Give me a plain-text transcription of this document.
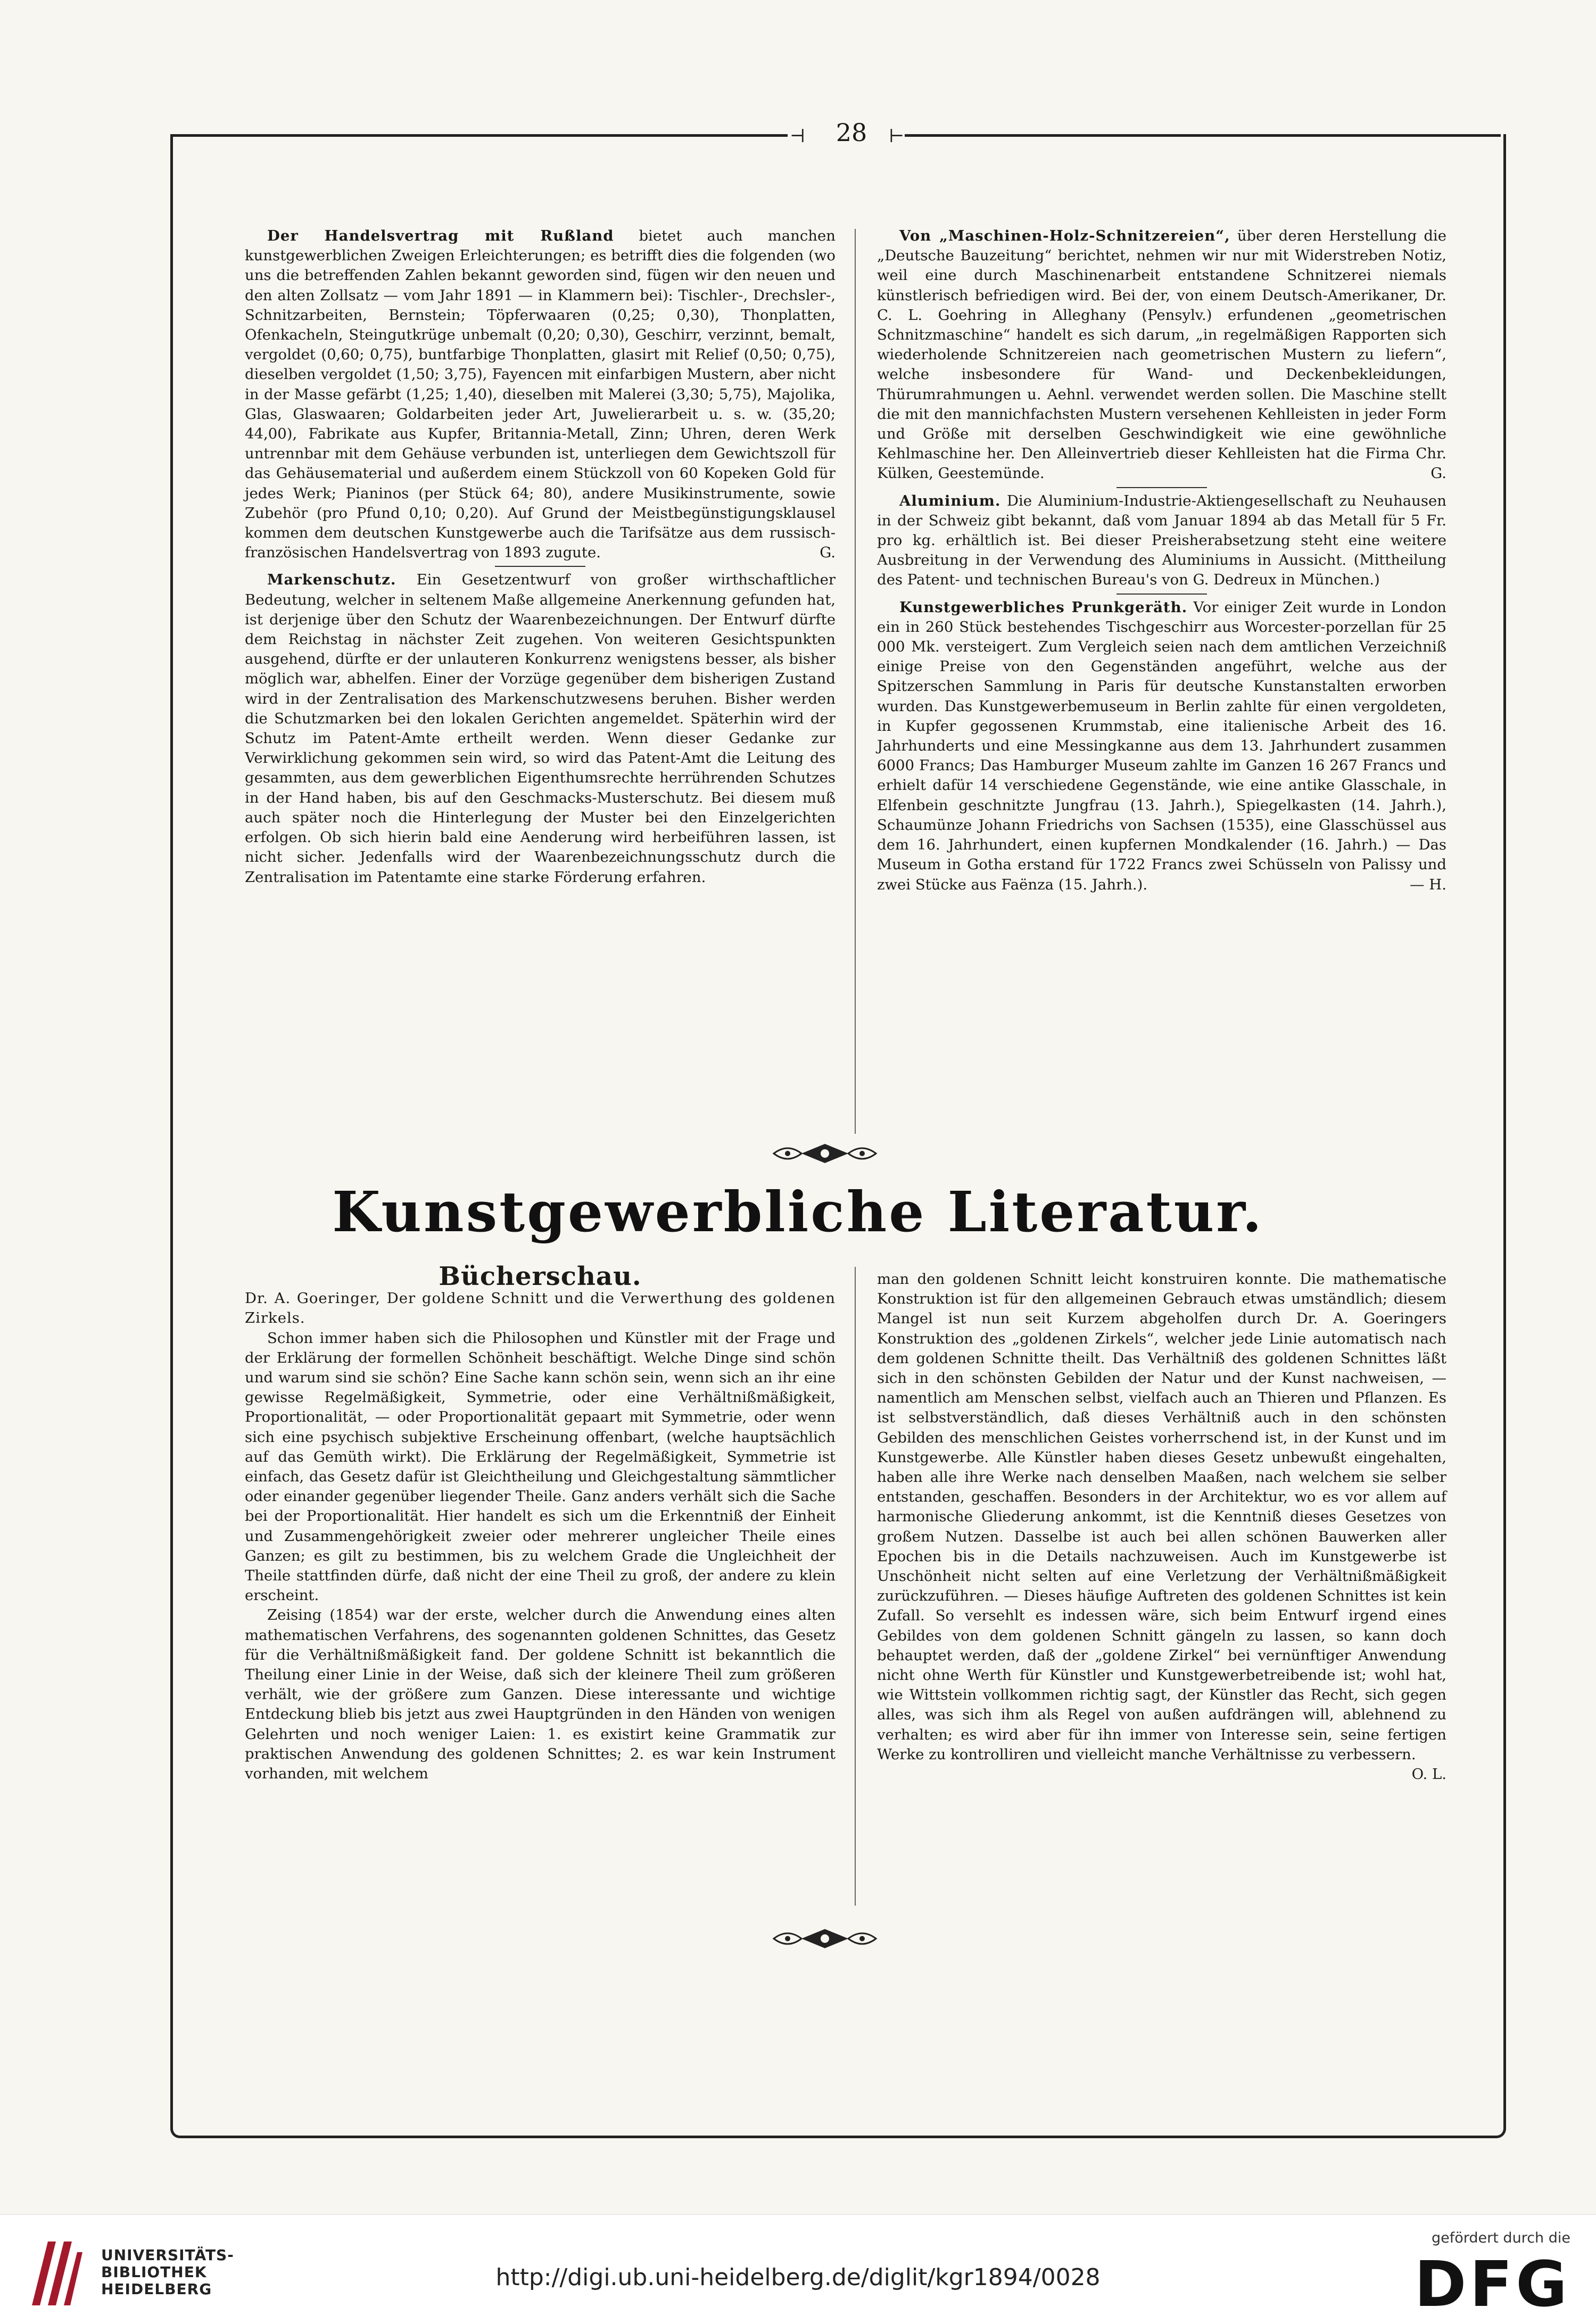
⊣	28	⊢

Der Handelsvertrag mit Rußland bietet auch manchen kunstgewerblichen Zweigen Erleichterungen; es betrifft dies die folgenden (wo uns die betreffenden Zahlen bekannt geworden sind, fügen wir den neuen und den alten Zollsatz — vom Jahr 1891 — in Klammern bei): Tischler-, Drechsler-, Schnitzarbeiten, Bernstein; Töpferwaaren (0,25; 0,30), Thonplatten, Ofenkacheln, Steingutkrüge unbemalt (0,20; 0,30), Geschirr, verzinnt, bemalt, vergoldet (0,60; 0,75), buntfarbige Thonplatten, glasirt mit Relief (0,50; 0,75), dieselben vergoldet (1,50; 3,75), Fayencen mit einfarbigen Mustern, aber nicht in der Masse gefärbt (1,25; 1,40), dieselben mit Malerei (3,30; 5,75), Majolika, Glas, Glaswaaren; Goldarbeiten jeder Art, Juwelierarbeit u. s. w. (35,20; 44,00), Fabrikate aus Kupfer, Britannia-Metall, Zinn; Uhren, deren Werk untrennbar mit dem Gehäuse verbunden ist, unterliegen dem Gewichtszoll für das Gehäusematerial und außerdem einem Stückzoll von 60 Kopeken Gold für jedes Werk; Pianinos (per Stück 64; 80), andere Musikinstrumente, sowie Zubehör (pro Pfund 0,10; 0,20). Auf Grund der Meistbegünstigungsklausel kommen dem deutschen Kunstgewerbe auch die Tarifsätze aus dem russisch-französischen Handelsvertrag von 1893 zugute.	G.

Markenschutz. Ein Gesetzentwurf von großer wirthschaftlicher Bedeutung, welcher in seltenem Maße allgemeine Anerkennung gefunden hat, ist derjenige über den Schutz der Waarenbezeichnungen. Der Entwurf dürfte dem Reichstag in nächster Zeit zugehen. Von weiteren Gesichtspunkten ausgehend, dürfte er der unlauteren Konkurrenz wenigstens besser, als bisher möglich war, abhelfen. Einer der Vorzüge gegenüber dem bisherigen Zustand wird in der Zentralisation des Markenschutzwesens beruhen. Bisher werden die Schutzmarken bei den lokalen Gerichten angemeldet. Späterhin wird der Schutz im Patent-Amte ertheilt werden. Wenn dieser Gedanke zur Verwirklichung gekommen sein wird, so wird das Patent-Amt die Leitung des gesammten, aus dem gewerblichen Eigenthumsrechte herrührenden Schutzes in der Hand haben, bis auf den Geschmacks-Musterschutz. Bei diesem muß auch später noch die Hinterlegung der Muster bei den Einzelgerichten erfolgen. Ob sich hierin bald eine Aenderung wird herbeiführen lassen, ist nicht sicher. Jedenfalls wird der Waarenbezeichnungsschutz durch die Zentralisation im Patentamte eine starke Förderung erfahren.

Von „Maschinen-Holz-Schnitzereien“, über deren Herstellung die „Deutsche Bauzeitung“ berichtet, nehmen wir nur mit Widerstreben Notiz, weil eine durch Maschinenarbeit entstandene Schnitzerei niemals künstlerisch befriedigen wird. Bei der, von einem Deutsch-Amerikaner, Dr. C. L. Goehring in Alleghany (Pensylv.) erfundenen „geometrischen Schnitzmaschine“ handelt es sich darum, „in regelmäßigen Rapporten sich wiederholende Schnitzereien nach geometrischen Mustern zu liefern“, welche insbesondere für Wand- und Deckenbekleidungen, Thürumrahmungen u. Aehnl. verwendet werden sollen. Die Maschine stellt die mit den mannichfachsten Mustern versehenen Kehlleisten in jeder Form und Größe mit derselben Geschwindigkeit wie eine gewöhnliche Kehlmaschine her. Den Alleinvertrieb dieser Kehlleisten hat die Firma Chr. Külken, Geestemünde.	G.

Aluminium. Die Aluminium-Industrie-Aktiengesellschaft zu Neuhausen in der Schweiz gibt bekannt, daß vom Januar 1894 ab das Metall für 5 Fr. pro kg. erhältlich ist. Bei dieser Preisherabsetzung steht eine weitere Ausbreitung in der Verwendung des Aluminiums in Aussicht. (Mittheilung des Patent- und technischen Bureau's von G. Dedreux in München.)

Kunstgewerbliches Prunkgeräth. Vor einiger Zeit wurde in London ein in 260 Stück bestehendes Tischgeschirr aus Worcester-porzellan für 25 000 Mk. versteigert. Zum Vergleich seien nach dem amtlichen Verzeichniß einige Preise von den Gegenständen angeführt, welche aus der Spitzerschen Sammlung in Paris für deutsche Kunstanstalten erworben wurden. Das Kunstgewerbemuseum in Berlin zahlte für einen vergoldeten, in Kupfer gegossenen Krummstab, eine italienische Arbeit des 16. Jahrhunderts und eine Messingkanne aus dem 13. Jahrhundert zusammen 6000 Francs; Das Hamburger Museum zahlte im Ganzen 16 267 Francs und erhielt dafür 14 verschiedene Gegenstände, wie eine antike Glasschale, in Elfenbein geschnitzte Jungfrau (13. Jahrh.), Spiegelkasten (14. Jahrh.), Schaumünze Johann Friedrichs von Sachsen (1535), eine Glasschüssel aus dem 16. Jahrhundert, einen kupfernen Mondkalender (16. Jahrh.) — Das Museum in Gotha erstand für 1722 Francs zwei Schüsseln von Palissy und zwei Stücke aus Faënza (15. Jahrh.).	— H.

Kunstgewerbliche Literatur.
Bücherschau.

Dr. A. Goeringer, Der goldene Schnitt und die Verwerthung des goldenen Zirkels.

Schon immer haben sich die Philosophen und Künstler mit der Frage und der Erklärung der formellen Schönheit beschäftigt. Welche Dinge sind schön und warum sind sie schön? Eine Sache kann schön sein, wenn sich an ihr eine gewisse Regelmäßigkeit, Symmetrie, oder eine Verhältnißmäßigkeit, Proportionalität, — oder Proportionalität gepaart mit Symmetrie, oder wenn sich eine psychisch subjektive Erscheinung offenbart, (welche hauptsächlich auf das Gemüth wirkt). Die Erklärung der Regelmäßigkeit, Symmetrie ist einfach, das Gesetz dafür ist Gleichtheilung und Gleichgestaltung sämmtlicher oder einander gegenüber liegender Theile. Ganz anders verhält sich die Sache bei der Proportionalität. Hier handelt es sich um die Erkenntniß der Einheit und Zusammengehörigkeit zweier oder mehrerer ungleicher Theile eines Ganzen; es gilt zu bestimmen, bis zu welchem Grade die Ungleichheit der Theile stattfinden dürfe, daß nicht der eine Theil zu groß, der andere zu klein erscheint.

Zeising (1854) war der erste, welcher durch die Anwendung eines alten mathematischen Verfahrens, des sogenannten goldenen Schnittes, das Gesetz für die Verhältnißmäßigkeit fand. Der goldene Schnitt ist bekanntlich die Theilung einer Linie in der Weise, daß sich der kleinere Theil zum größeren verhält, wie der größere zum Ganzen. Diese interessante und wichtige Entdeckung blieb bis jetzt aus zwei Hauptgründen in den Händen von wenigen Gelehrten und noch weniger Laien: 1. es existirt keine Grammatik zur praktischen Anwendung des goldenen Schnittes; 2. es war kein Instrument vorhanden, mit welchem

man den goldenen Schnitt leicht konstruiren konnte. Die mathematische Konstruktion ist für den allgemeinen Gebrauch etwas umständlich; diesem Mangel ist nun seit Kurzem abgeholfen durch Dr. A. Goeringers Konstruktion des „goldenen Zirkels“, welcher jede Linie automatisch nach dem goldenen Schnitte theilt. Das Verhältniß des goldenen Schnittes läßt sich in den schönsten Gebilden der Natur und der Kunst nachweisen, — namentlich am Menschen selbst, vielfach auch an Thieren und Pflanzen. Es ist selbstverständlich, daß dieses Verhältniß auch in den schönsten Gebilden des menschlichen Geistes vorherrschend ist, in der Kunst und im Kunstgewerbe. Alle Künstler haben dieses Gesetz unbewußt eingehalten, haben alle ihre Werke nach denselben Maaßen, nach welchem sie selber entstanden, geschaffen. Besonders in der Architektur, wo es vor allem auf harmonische Gliederung ankommt, ist die Kenntniß dieses Gesetzes von großem Nutzen. Dasselbe ist auch bei allen schönen Bauwerken aller Epochen bis in die Details nachzuweisen. Auch im Kunstgewerbe ist Unschönheit nicht selten auf eine Verletzung der Verhältnißmäßigkeit zurückzuführen. — Dieses häufige Auftreten des goldenen Schnittes ist kein Zufall. So versehlt es indessen wäre, sich beim Entwurf irgend eines Gebildes von dem goldenen Schnitt gängeln zu lassen, so kann doch behauptet werden, daß der „goldene Zirkel“ bei vernünftiger Anwendung nicht ohne Werth für Künstler und Kunstgewerbetreibende ist; wohl hat, wie Wittstein vollkommen richtig sagt, der Künstler das Recht, sich gegen alles, was sich ihm als Regel von außen aufdrängen will, ablehnend zu verhalten; es wird aber für ihn immer von Interesse sein, seine fertigen Werke zu kontrolliren und vielleicht manche Verhältnisse zu verbessern.
O. L.

UNIVERSITÄTS-
BIBLIOTHEK
HEIDELBERG	http://digi.ub.uni-heidelberg.de/diglit/kgr1894/0028
gefördert durch die
DFG
